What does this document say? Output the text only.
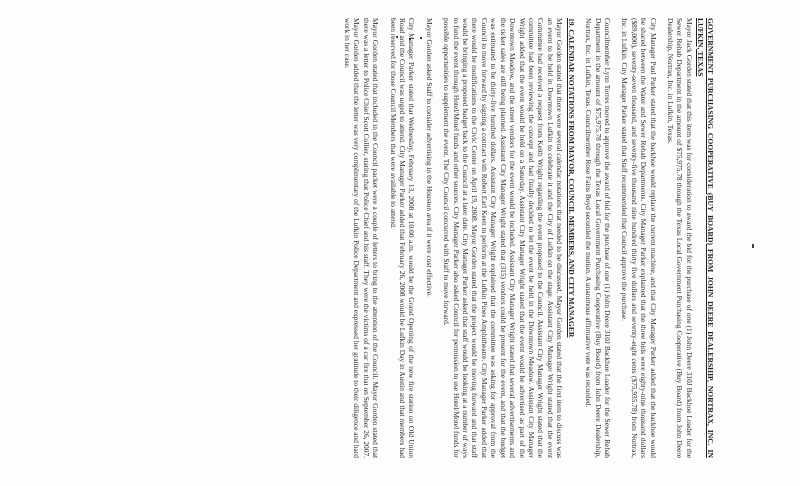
GOVERNMENT PURCHASING COOPERATIVE (BUY BOARD) FROM JOHN DEERE DEALERSHIP, NORTRAX, INC. IN LUFKIN, TEXAS

Mayor Jack Gorden stated that this item was for consideration to award the bid for the purchase of one (1) John Deere 310J Backhoe Loader for the Sewer Rehab Department in the amount of $75,975.78 through the Texas Local Government Purchasing Cooperative (Buy Board) from John Deere Dealership, Nortrax, Inc. in Lufkin, Texas.

City Manager Paul Parker stated that the backhoe would replace the current machine, and that City Manager Parker added that the backhoe would be shared between the Water and Sewer Rehab Departments. City Manager Parker explained that the three bids were eighty-nine thousand dollars ($89,000), seventy-seven thousand, and seventy-five thousand nine hundred thirty five dollars and seventy-eight cents ($75,935.78) from Nortrax, Inc. in Lufkin. City Manager Parker stated that Staff recommended that Council approve the purchase.

Councilmember Lynn Torres moved to approve the award of bid for the purchase of one (1) John Deere 310J Backhoe Loader for the Sewer Rehab Department in the amount of $75,975.78 through the Texas Local Government Purchasing Cooperative (Buy Board) from John Deere Dealership, Nortrax, Inc. in Lufkin, Texas. Councilmember Rose Fains Boyd seconded the motion. A unanimous affirmative vote was recorded.

19. CALENDAR NOTATIONS FROM MAYOR, COUNCIL MEMBERS, AND CITY MANAGER

Mayor Gorden stated that there were several calendar notations that needed to be discussed. Mayor Gorden stated that the first item to discuss was an event to be held in Downtown Lufkin to celebrate it and the City of Lufkin on the stage. Assistant City Manager Wright stated that the event Committee had received a request from Keith Wright regarding the event proposed to the Council. Assistant City Manager Wright stated that the committee had been reviewing the concept and had finally decided to let the event be held in the Downtown Meadow. Assistant City Manager Wright added that the event would be held on a Saturday. Assistant City Manager Wright stated that the event would be advertised as part of the Downtown Meadow, and the street vendors for the event would be included. Assistant City Manager Wright stated that several advertisements and the ticket sales are still being planned. Assistant City Manager Wright stated that (315) vendors could be present for the event, and that the budget was estimated to be thirty-five hundred dollars. Assistant City Manager Wright explained that the committee was asking for approval from the Council to move forward by signing a contract with Robert Earl Keen to perform at the Lufkin Pines Amphitheatre. City Manager Parker added that there would be modifications to the Civic Center on April 19, 2008. Mayor Gorden stated that the project would be moving forward and that staff would be bringing a proposed budget back to the Council at a later date. City Manager Parker asked that staff would be looking at a number of ways to fund the event through Hotel/Motel funds and other sources. City Manager Parker also asked Council for permission to use Hotel/Motel funds for possible opportunities to supplement the event. The City Council concurred with Staff to move forward.

Mayor Gorden asked Staff to consider advertising in the Houston area if it were cost effective.

City Manager Parker stated that Wednesday, February 13, 2008 at 10:00 a.m. would be the Grand Opening of the new fire station on Old Union Road and the Council was urged to attend. City Manager Parker added that February 26, 2008 would be Lufkin Day in Austin and that members had been reserved for those Council Members that were available to attend.

Mayor Gorden stated that included in the Council packet were a couple of letters to bring to the attention of the Council. Mayor Gorden stated that there was a letter to Police Chief Scott Collier, stating that Police Chief and his staff. They were the victims of a car fire that on September 26, 2007. Mayor Gorden added that the letter was very complimentary of the Lufkin Police Department and expressed her gratitude to their diligence and hard work in her case.
